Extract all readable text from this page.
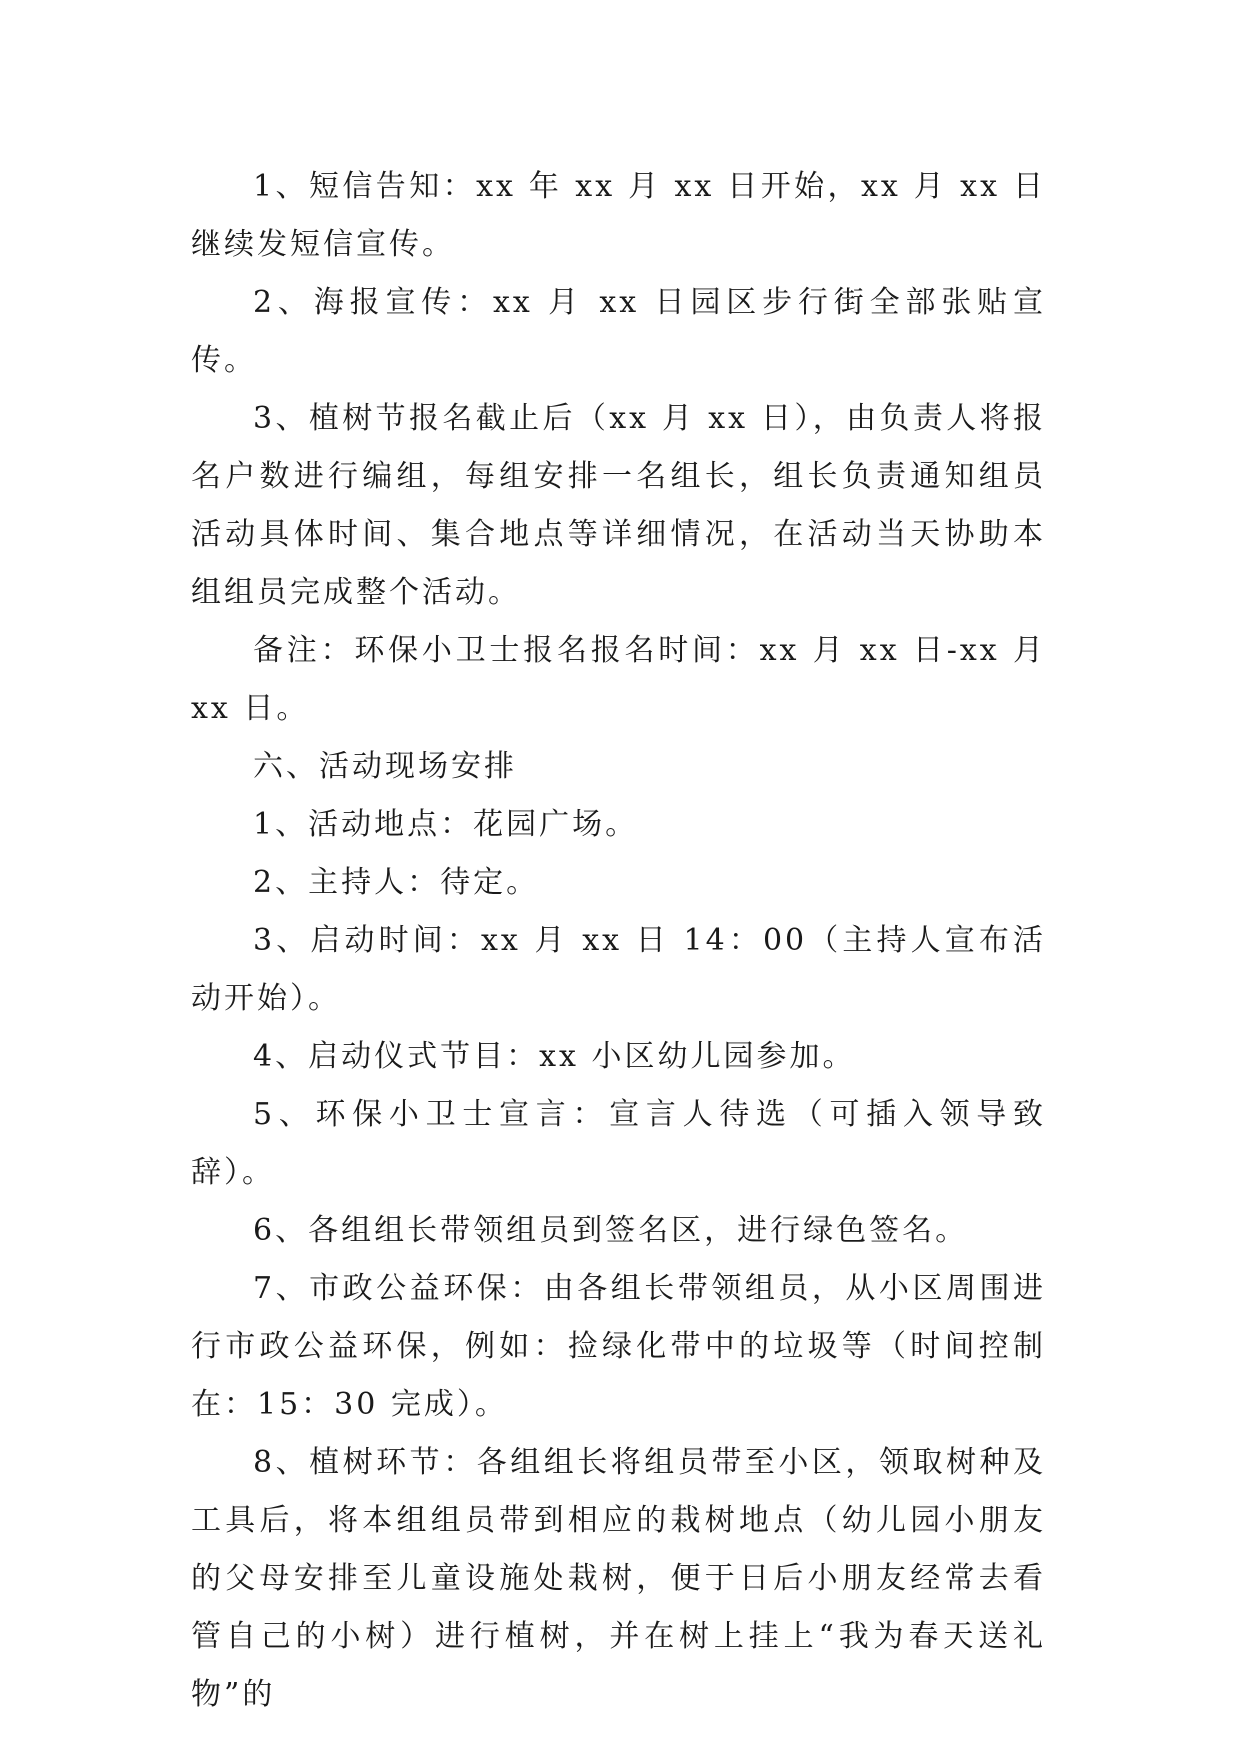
1、短信告知：xx 年 xx 月 xx 日开始，xx 月 xx 日继续发短信宣传。

2、海报宣传：xx 月 xx 日园区步行街全部张贴宣传。

3、植树节报名截止后（xx 月 xx 日），由负责人将报名户数进行编组，每组安排一名组长，组长负责通知组员活动具体时间、集合地点等详细情况，在活动当天协助本组组员完成整个活动。

备注：环保小卫士报名报名时间：xx 月 xx 日-xx 月 xx 日。

六、活动现场安排

1、活动地点：花园广场。

2、主持人：待定。

3、启动时间：xx 月 xx 日 14：00（主持人宣布活动开始）。

4、启动仪式节目：xx 小区幼儿园参加。

5、环保小卫士宣言：宣言人待选（可插入领导致辞）。

6、各组组长带领组员到签名区，进行绿色签名。

7、市政公益环保：由各组长带领组员，从小区周围进行市政公益环保，例如：捡绿化带中的垃圾等（时间控制在：15：30 完成）。

8、植树环节：各组组长将组员带至小区，领取树种及工具后，将本组组员带到相应的栽树地点（幼儿园小朋友的父母安排至儿童设施处栽树，便于日后小朋友经常去看管自己的小树）进行植树，并在树上挂上“我为春天送礼物”的
